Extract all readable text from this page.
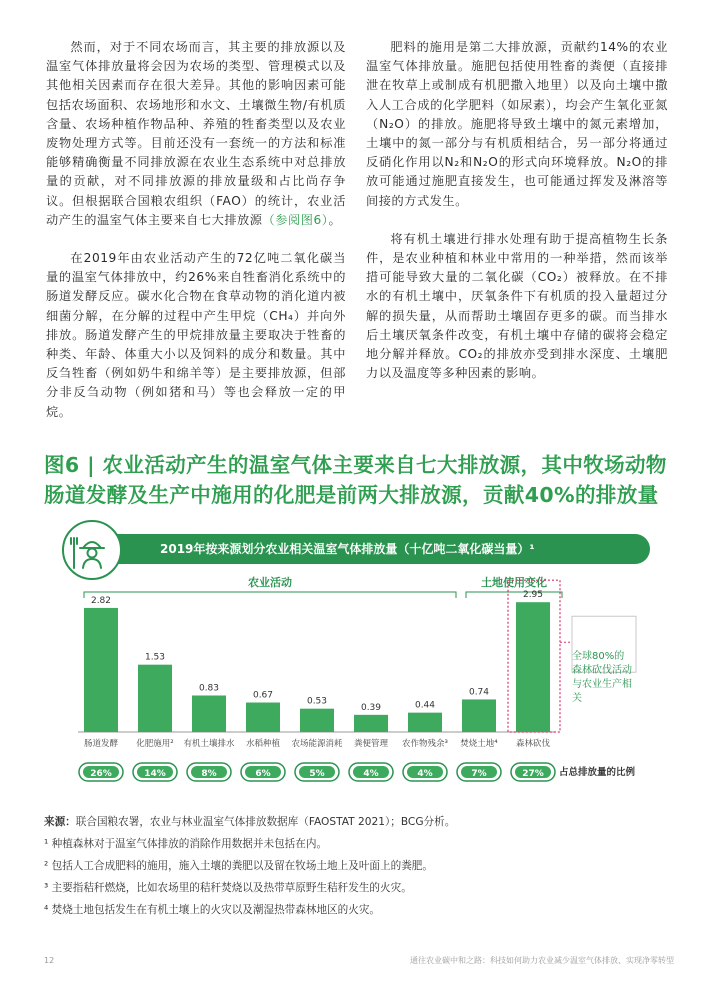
然而，对于不同农场而言，其主要的排放源以及温室气体排放量将会因为农场的类型、管理模式以及其他相关因素而存在很大差异。其他的影响因素可能包括农场面积、农场地形和水文、土壤微生物/有机质含量、农场种植作物品种、养殖的牲畜类型以及农业废物处理方式等。目前还没有一套统一的方法和标准能够精确衡量不同排放源在农业生态系统中对总排放量的贡献，对不同排放源的排放量级和占比尚存争议。但根据联合国粮农组织（FAO）的统计，农业活动产生的温室气体主要来自七大排放源（参阅图6）。

在2019年由农业活动产生的72亿吨二氧化碳当量的温室气体排放中，约26%来自牲畜消化系统中的肠道发酵反应。碳水化合物在食草动物的消化道内被细菌分解，在分解的过程中产生甲烷（CH₄）并向外排放。肠道发酵产生的甲烷排放量主要取决于牲畜的种类、年龄、体重大小以及饲料的成分和数量。其中反刍牲畜（例如奶牛和绵羊等）是主要排放源，但部分非反刍动物（例如猪和马）等也会释放一定的甲烷。

肥料的施用是第二大排放源，贡献约14%的农业温室气体排放量。施肥包括使用牲畜的粪便（直接排泄在牧草上或制成有机肥撒入地里）以及向土壤中撒入人工合成的化学肥料（如尿素），均会产生氧化亚氮（N₂O）的排放。施肥将导致土壤中的氮元素增加，土壤中的氮一部分与有机质相结合，另一部分将通过反硝化作用以N₂和N₂O的形式向环境释放。N₂O的排放可能通过施肥直接发生，也可能通过挥发及淋溶等间接的方式发生。

将有机土壤进行排水处理有助于提高植物生长条件，是农业种植和林业中常用的一种举措，然而该举措可能导致大量的二氧化碳（CO₂）被释放。在不排水的有机土壤中，厌氧条件下有机质的投入量超过分解的损失量，从而帮助土壤固存更多的碳。而当排水后土壤厌氧条件改变，有机土壤中存储的碳将会稳定地分解并释放。CO₂的排放亦受到排水深度、土壤肥力以及温度等多种因素的影响。

图6 | 农业活动产生的温室气体主要来自七大排放源，其中牧场动物肠道发酵及生产中施用的化肥是前两大排放源，贡献40%的排放量
2019年按来源划分农业相关温室气体排放量（十亿吨二氧化碳当量）¹
农业活动	土地使用变化
2.82
肠道发酵
26%
1.53
化肥施用²
14%
0.83
有机土壤排水
8%
0.67
水稻种植
6%
0.53
农场能源消耗
5%
0.39
粪便管理
4%
0.44
农作物残余³
4%
0.74
焚烧土地⁴
7%
2.95
森林砍伐
27%
全球80%的森林砍伐活动与农业生产相关
占总排放量的比例
来源：联合国粮农署，农业与林业温室气体排放数据库（FAOSTAT 2021）；BCG分析。
¹ 种植森林对于温室气体排放的消除作用数据并未包括在内。
² 包括人工合成肥料的施用，施入土壤的粪肥以及留在牧场土地上及叶面上的粪肥。
³ 主要指秸秆燃烧，比如农场里的秸秆焚烧以及热带草原野生秸秆发生的火灾。
⁴ 焚烧土地包括发生在有机土壤上的火灾以及潮湿热带森林地区的火灾。
12	通往农业碳中和之路：科技如何助力农业减少温室气体排放、实现净零转型
